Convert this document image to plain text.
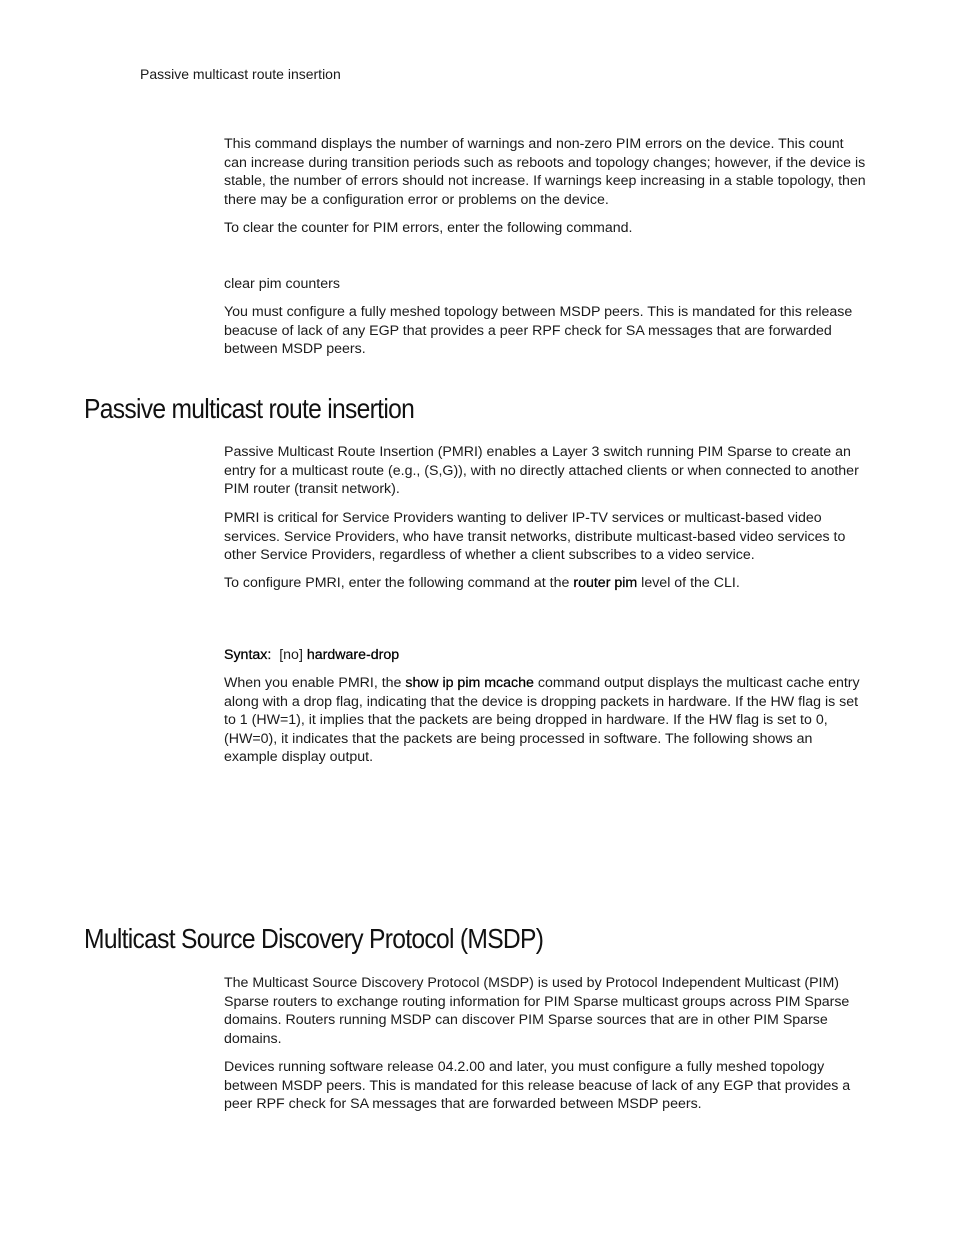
Passive multicast route insertion

This command displays the number of warnings and non-zero PIM errors on the device. This count can increase during transition periods such as reboots and topology changes; however, if the device is stable, the number of errors should not increase. If warnings keep increasing in a stable topology, then there may be a configuration error or problems on the device.

To clear the counter for PIM errors, enter the following command.

clear pim counters

You must configure a fully meshed topology between MSDP peers. This is mandated for this release beacuse of lack of any EGP that provides a peer RPF check for SA messages that are forwarded between MSDP peers.

Passive multicast route insertion

Passive Multicast Route Insertion (PMRI) enables a Layer 3 switch running PIM Sparse to create an entry for a multicast route (e.g., (S,G)), with no directly attached clients or when connected to another PIM router (transit network).

PMRI is critical for Service Providers wanting to deliver IP-TV services or multicast-based video services. Service Providers, who have transit networks, distribute multicast-based video services to other Service Providers, regardless of whether a client subscribes to a video service.

To configure PMRI, enter the following command at the router pim level of the CLI.

Syntax: [no] hardware-drop

When you enable PMRI, the show ip pim mcache command output displays the multicast cache entry along with a drop flag, indicating that the device is dropping packets in hardware. If the HW flag is set to 1 (HW=1), it implies that the packets are being dropped in hardware. If the HW flag is set to 0, (HW=0), it indicates that the packets are being processed in software. The following shows an example display output.

Multicast Source Discovery Protocol (MSDP)

The Multicast Source Discovery Protocol (MSDP) is used by Protocol Independent Multicast (PIM) Sparse routers to exchange routing information for PIM Sparse multicast groups across PIM Sparse domains. Routers running MSDP can discover PIM Sparse sources that are in other PIM Sparse domains.

Devices running software release 04.2.00 and later, you must configure a fully meshed topology between MSDP peers. This is mandated for this release beacuse of lack of any EGP that provides a peer RPF check for SA messages that are forwarded between MSDP peers.
